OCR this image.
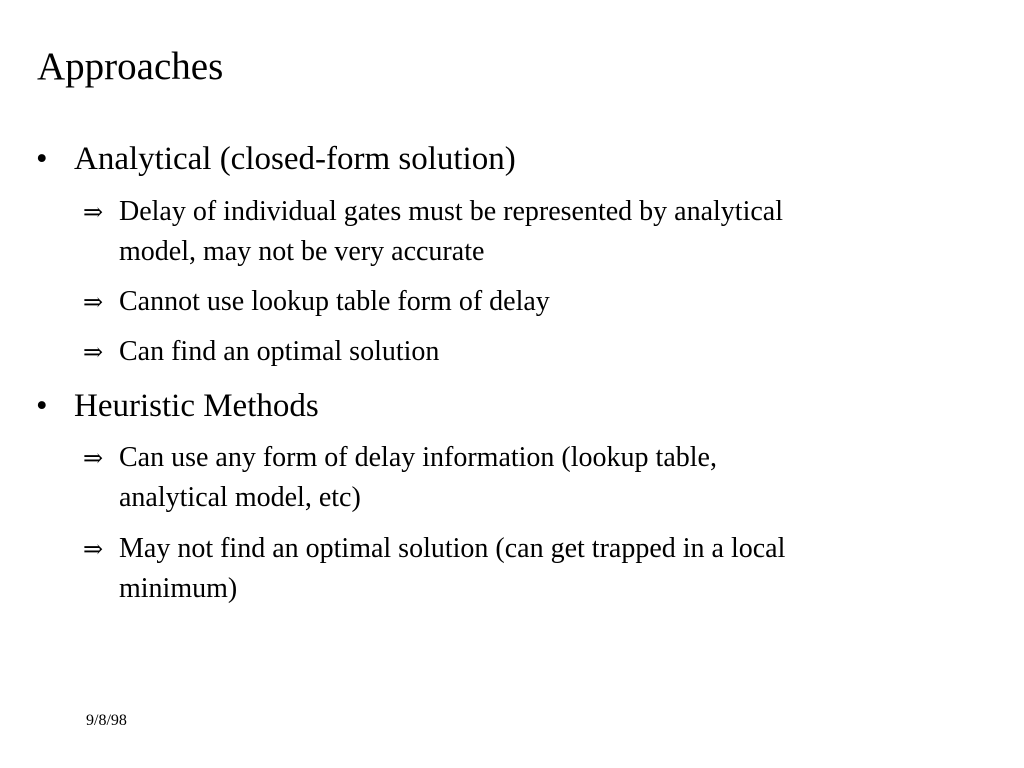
Approaches
• Analytical (closed-form solution)
⇒ Delay of individual gates must be represented by analytical
model, may not be very accurate
⇒ Cannot use lookup table form of delay
⇒ Can find an optimal solution
• Heuristic Methods
⇒ Can use any form of delay information (lookup table,
analytical model, etc)
⇒ May not find an optimal solution (can get trapped in a local
minimum)
9/8/98
